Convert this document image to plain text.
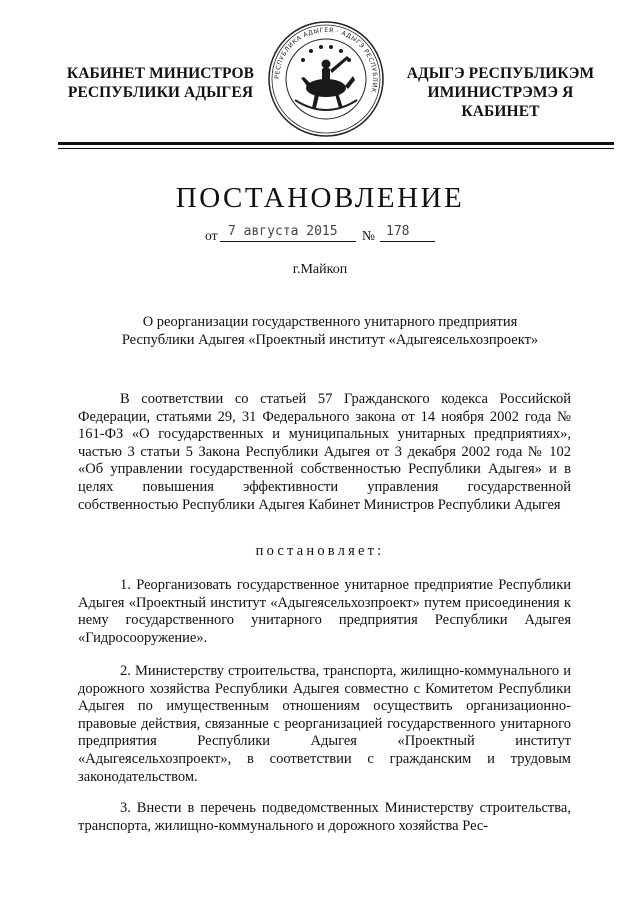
КАБИНЕТ МИНИСТРОВ
РЕСПУБЛИКИ АДЫГЕЯ
РЕСПУБЛИКА АДЫГЕЯ · АДЫГЭ РЕСПУБЛИК
АДЫГЭ РЕСПУБЛИКЭМ
ИМИНИСТРЭМЭ Я КАБИНЕТ
ПОСТАНОВЛЕНИЕ
от 7 августа 2015	№ 178
г.Майкоп
О реорганизации государственного унитарного предприятия
Республики Адыгея «Проектный институт «Адыгеясельхозпроект»

В соответствии со статьей 57 Гражданского кодекса Российской Федерации, статьями 29, 31 Федерального закона от 14 ноября 2002 года № 161-ФЗ «О государственных и муниципальных унитарных предприятиях», частью 3 статьи 5 Закона Республики Адыгея от 3 декабря 2002 года № 102 «Об управлении государственной собственностью Республики Адыгея» и в целях повышения эффективности управления государственной собственностью Республики Адыгея Кабинет Министров Республики Адыгея

постановляет:

1. Реорганизовать государственное унитарное предприятие Республики Адыгея «Проектный институт «Адыгеясельхозпроект» путем присоединения к нему государственного унитарного предприятия Республики Адыгея «Гидросооружение».

2. Министерству строительства, транспорта, жилищно-коммунального и дорожного хозяйства Республики Адыгея совместно с Комитетом Республики Адыгея по имущественным отношениям осуществить организационно-правовые действия, связанные с реорганизацией государственного унитарного предприятия Республики Адыгея «Проектный институт «Адыгеясельхозпроект», в соответствии с гражданским и трудовым законодательством.

3. Внести в перечень подведомственных Министерству строительства, транспорта, жилищно-коммунального и дорожного хозяйства Рес-
